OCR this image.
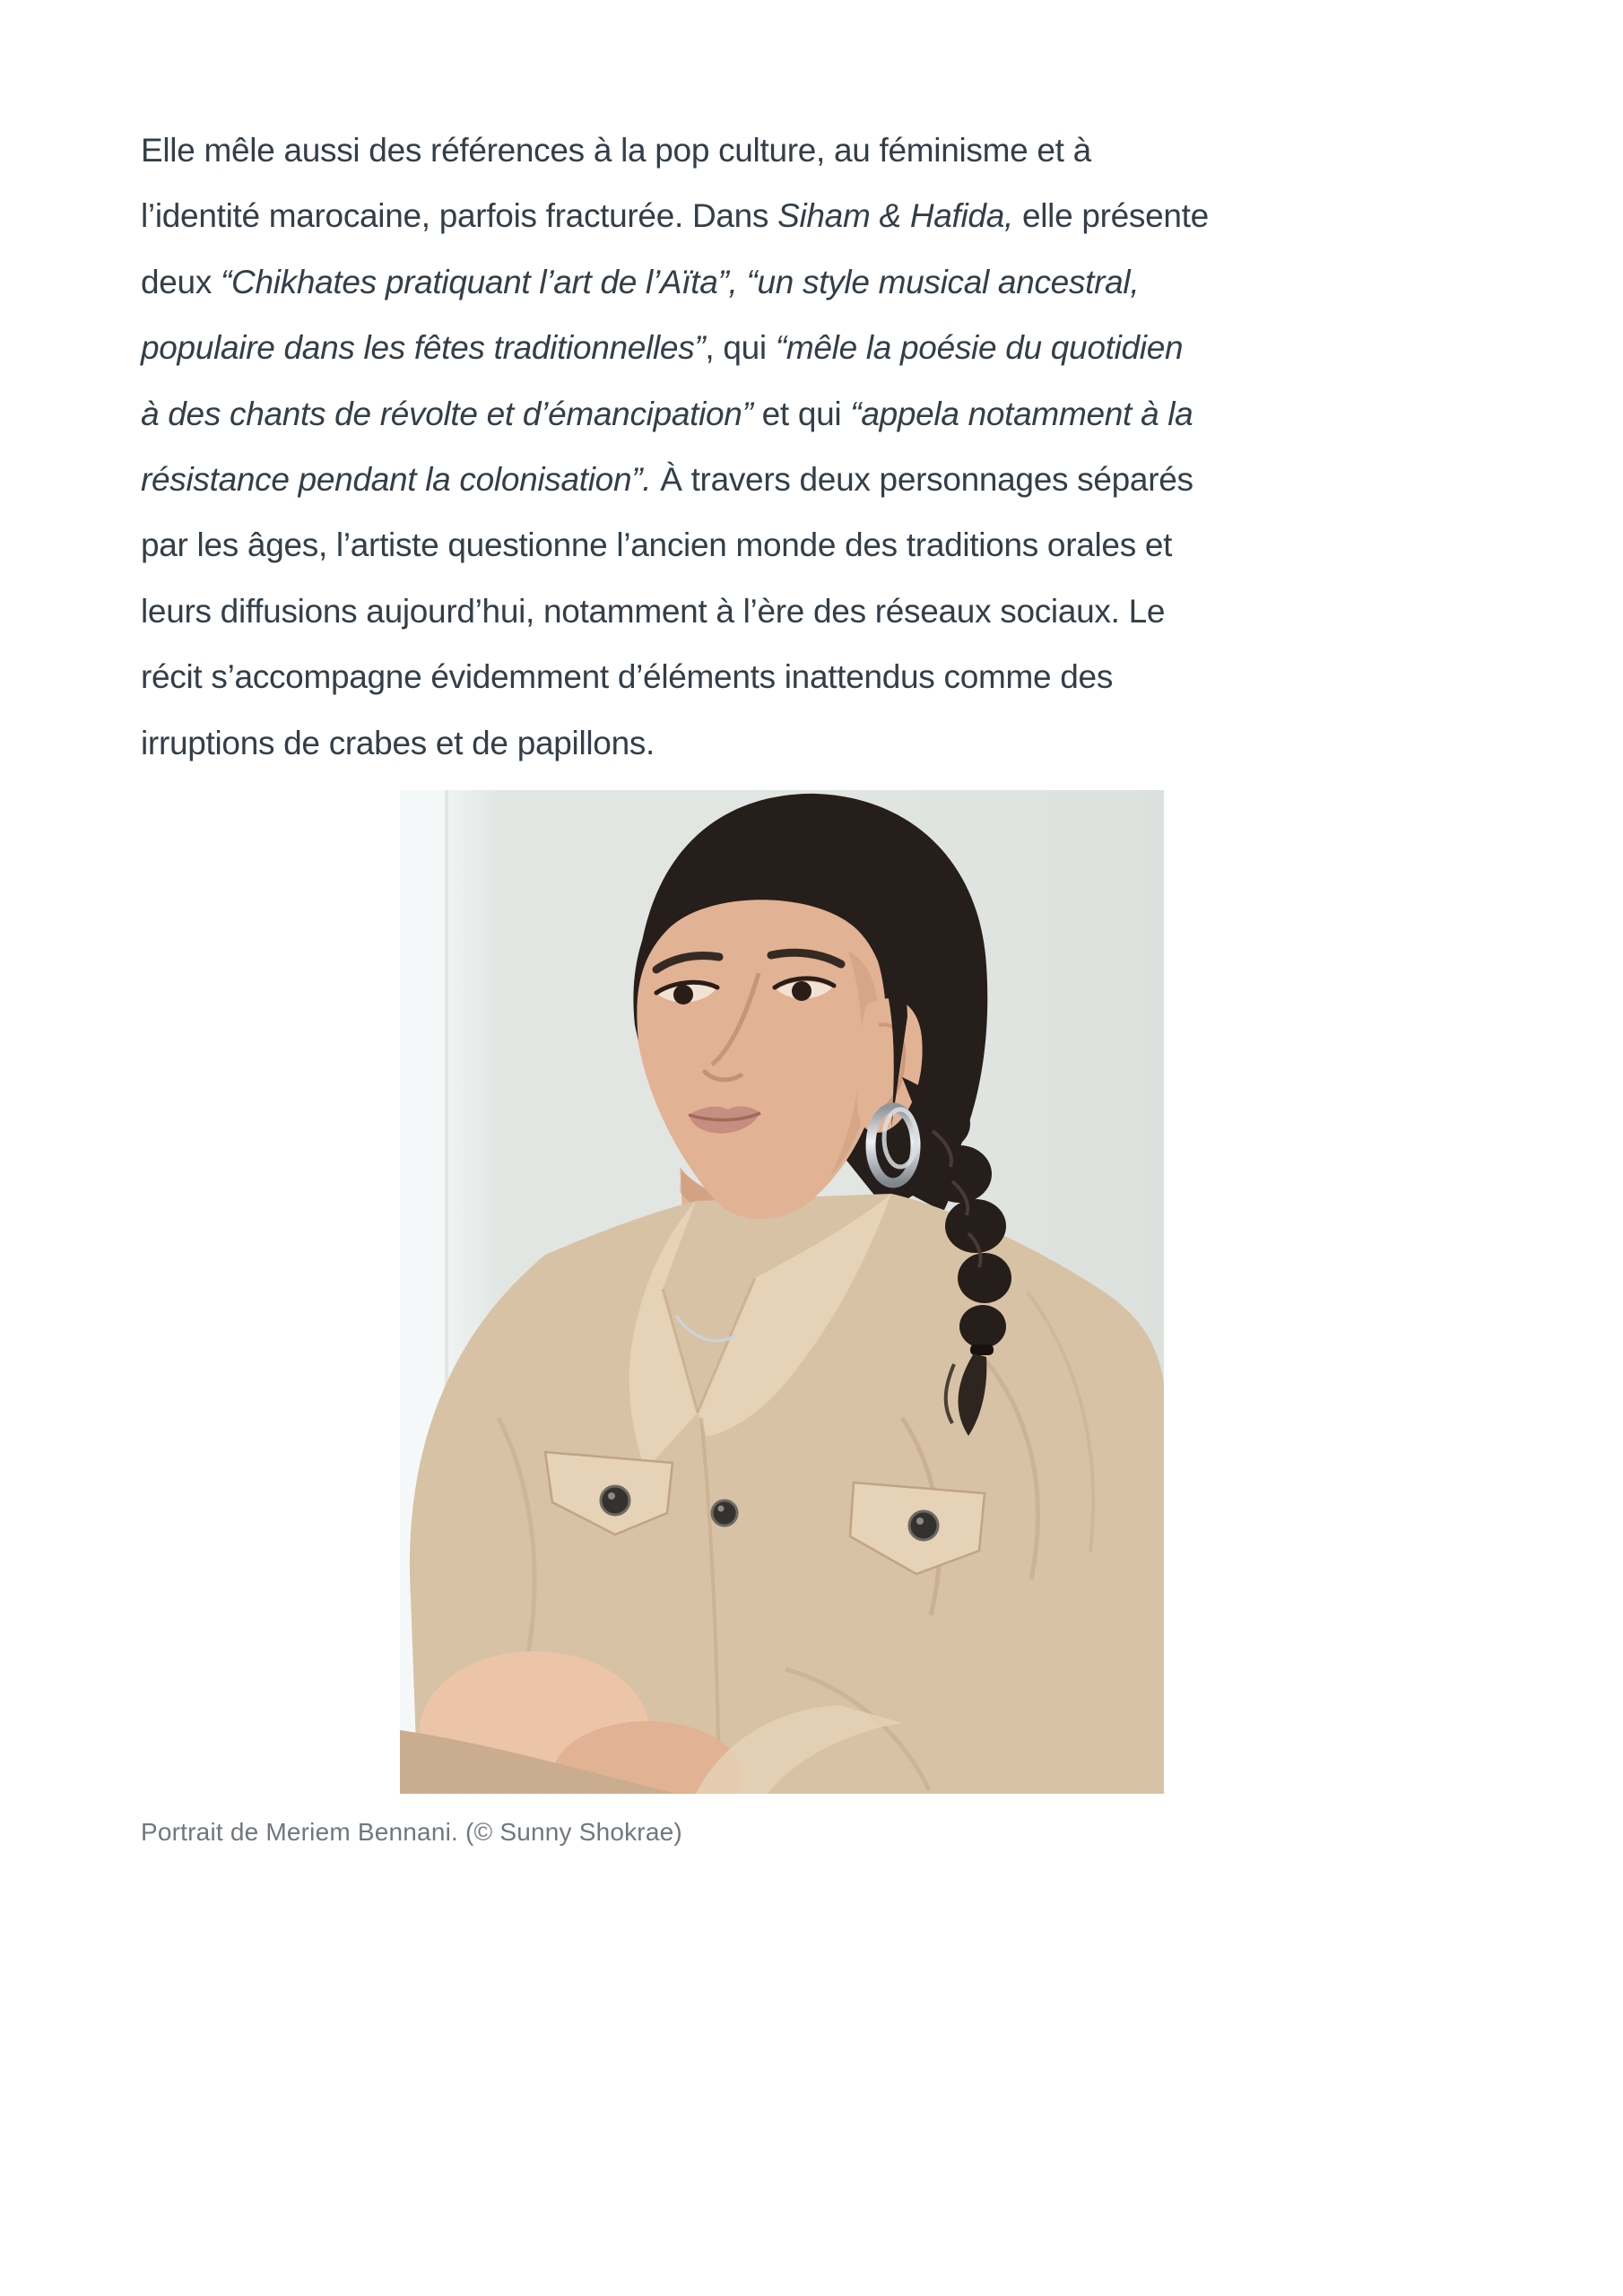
Elle mêle aussi des références à la pop culture, au féminisme et à
l’identité marocaine, parfois fracturée. Dans Siham & Hafida, elle présente
deux “Chikhates pratiquant l’art de l’Aïta”, “un style musical ancestral,
populaire dans les fêtes traditionnelles”, qui “mêle la poésie du quotidien
à des chants de révolte et d’émancipation” et qui “appela notamment à la
résistance pendant la colonisation”. À travers deux personnages séparés
par les âges, l’artiste questionne l’ancien monde des traditions orales et
leurs diffusions aujourd’hui, notamment à l’ère des réseaux sociaux. Le
récit s’accompagne évidemment d’éléments inattendus comme des
irruptions de crabes et de papillons.
Portrait de Meriem Bennani. (© Sunny Shokrae)
